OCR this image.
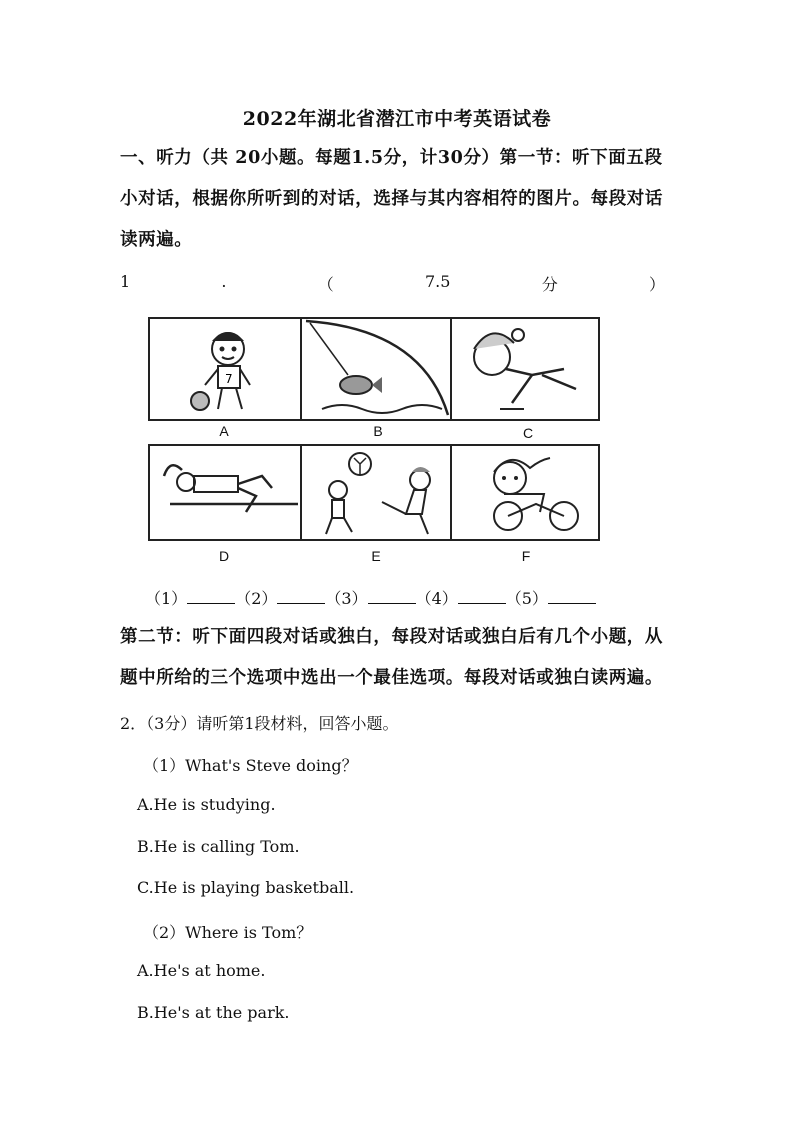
2022年湖北省潜江市中考英语试卷
一、听力（共 20小题。每题1.5分，计30分）第一节：听下面五段小对话，根据你所听到的对话，选择与其内容相符的图片。每段对话读两遍。
1	.	（	7.5	分	）
7
A	B	C
D	E	F
（1）	（2）	（3）	（4）	（5）
第二节：听下面四段对话或独白，每段对话或独白后有几个小题，从题中所给的三个选项中选出一个最佳选项。每段对话或独白读两遍。
2．（3分）请听第1段材料，回答小题。
（1）What's Steve doing？
A.He is studying.
B.He is calling Tom.
C.He is playing basketball.
（2）Where is Tom？
A.He's at home.
B.He's at the park.
